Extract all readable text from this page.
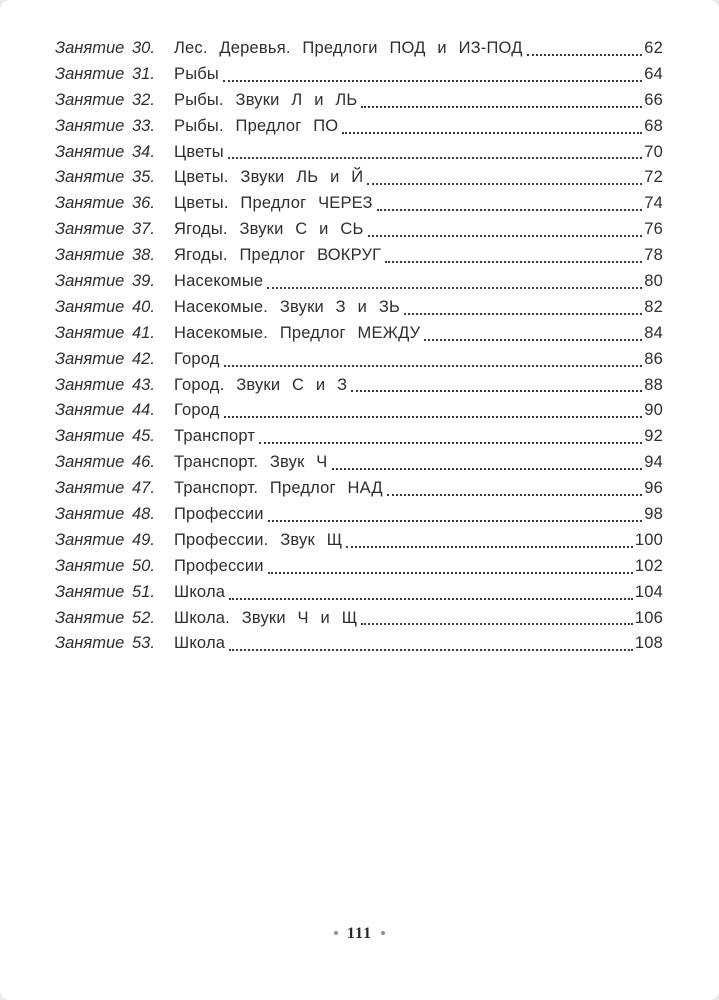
Занятие 30.	Лес. Деревья. Предлоги ПОД и ИЗ-ПОД	62
Занятие 31.	Рыбы	64
Занятие 32.	Рыбы. Звуки Л и ЛЬ	66
Занятие 33.	Рыбы. Предлог ПО	68
Занятие 34.	Цветы	70
Занятие 35.	Цветы. Звуки ЛЬ и Й	72
Занятие 36.	Цветы. Предлог ЧЕРЕЗ	74
Занятие 37.	Ягоды. Звуки С и СЬ	76
Занятие 38.	Ягоды. Предлог ВОКРУГ	78
Занятие 39.	Насекомые	80
Занятие 40.	Насекомые. Звуки З и ЗЬ	82
Занятие 41.	Насекомые. Предлог МЕЖДУ	84
Занятие 42.	Город	86
Занятие 43.	Город. Звуки С и З	88
Занятие 44.	Город	90
Занятие 45.	Транспорт	92
Занятие 46.	Транспорт. Звук Ч	94
Занятие 47.	Транспорт. Предлог НАД	96
Занятие 48.	Профессии	98
Занятие 49.	Профессии. Звук Щ	100
Занятие 50.	Профессии	102
Занятие 51.	Школа	104
Занятие 52.	Школа. Звуки Ч и Щ	106
Занятие 53.	Школа	108
111
